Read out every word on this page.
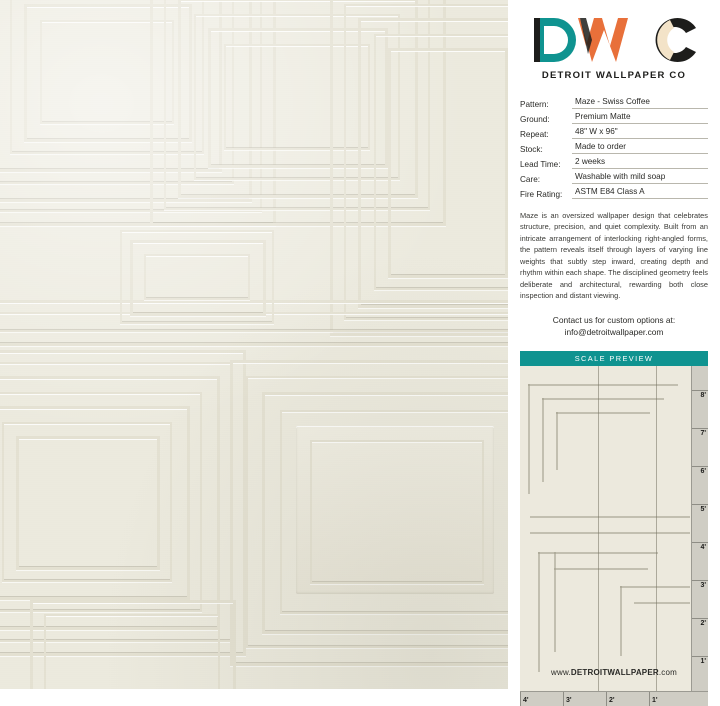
DETROIT WALLPAPER CO
Pattern:	Maze - Swiss Coffee
Ground:	Premium Matte
Repeat:	48" W x 96"
Stock:	Made to order
Lead Time:	2 weeks
Care:	Washable with mild soap
Fire Rating:	ASTM E84 Class A
Maze is an oversized wallpaper design that celebrates structure, precision, and quiet complexity. Built from an intricate arrangement of interlocking right-angled forms, the pattern reveals itself through layers of varying line weights that subtly step inward, creating depth and rhythm within each shape. The disciplined geometry feels deliberate and architectural, rewarding both close inspection and distant viewing.
Contact us for custom options at:
info@detroitwallpaper.com
SCALE PREVIEW
8'
7'
6'
5'
4'
3'
2'
1'
4'	3'	2'	1'
www.DETROITWALLPAPER.com
